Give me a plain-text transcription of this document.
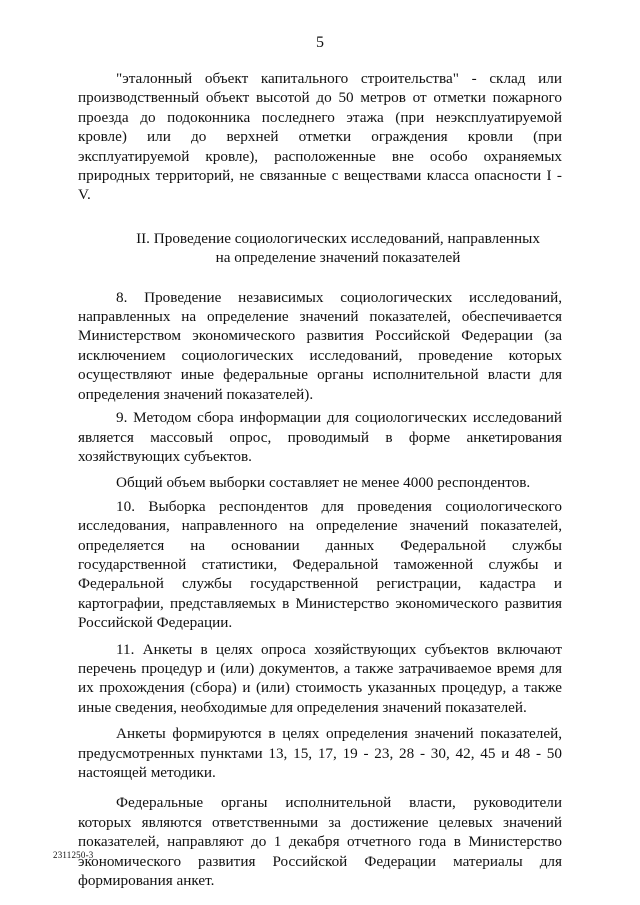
5

"эталонный объект капитального строительства" - склад или производственный объект высотой до 50 метров от отметки пожарного проезда до подоконника последнего этажа (при неэксплуатируемой кровле) или до верхней отметки ограждения кровли (при эксплуатируемой кровле), расположенные вне особо охраняемых природных территорий, не связанные с веществами класса опасности I - V.

II. Проведение социологических исследований, направленных
на определение значений показателей

8. Проведение независимых социологических исследований, направленных на определение значений показателей, обеспечивается Министерством экономического развития Российской Федерации (за исключением социологических исследований, проведение которых осуществляют иные федеральные органы исполнительной власти для определения значений показателей).

9. Методом сбора информации для социологических исследований является массовый опрос, проводимый в форме анкетирования хозяйствующих субъектов.

Общий объем выборки составляет не менее 4000 респондентов.

10. Выборка респондентов для проведения социологического исследования, направленного на определение значений показателей, определяется на основании данных Федеральной службы государственной статистики, Федеральной таможенной службы и Федеральной службы государственной регистрации, кадастра и картографии, представляемых в Министерство экономического развития Российской Федерации.

11. Анкеты в целях опроса хозяйствующих субъектов включают перечень процедур и (или) документов, а также затрачиваемое время для их прохождения (сбора) и (или) стоимость указанных процедур, а также иные сведения, необходимые для определения значений показателей.

Анкеты формируются в целях определения значений показателей, предусмотренных пунктами 13, 15, 17, 19 - 23, 28 - 30, 42, 45 и 48 - 50 настоящей методики.

Федеральные органы исполнительной власти, руководители которых являются ответственными за достижение целевых значений показателей, направляют до 1 декабря отчетного года в Министерство экономического развития Российской Федерации материалы для формирования анкет.

2311250-3
